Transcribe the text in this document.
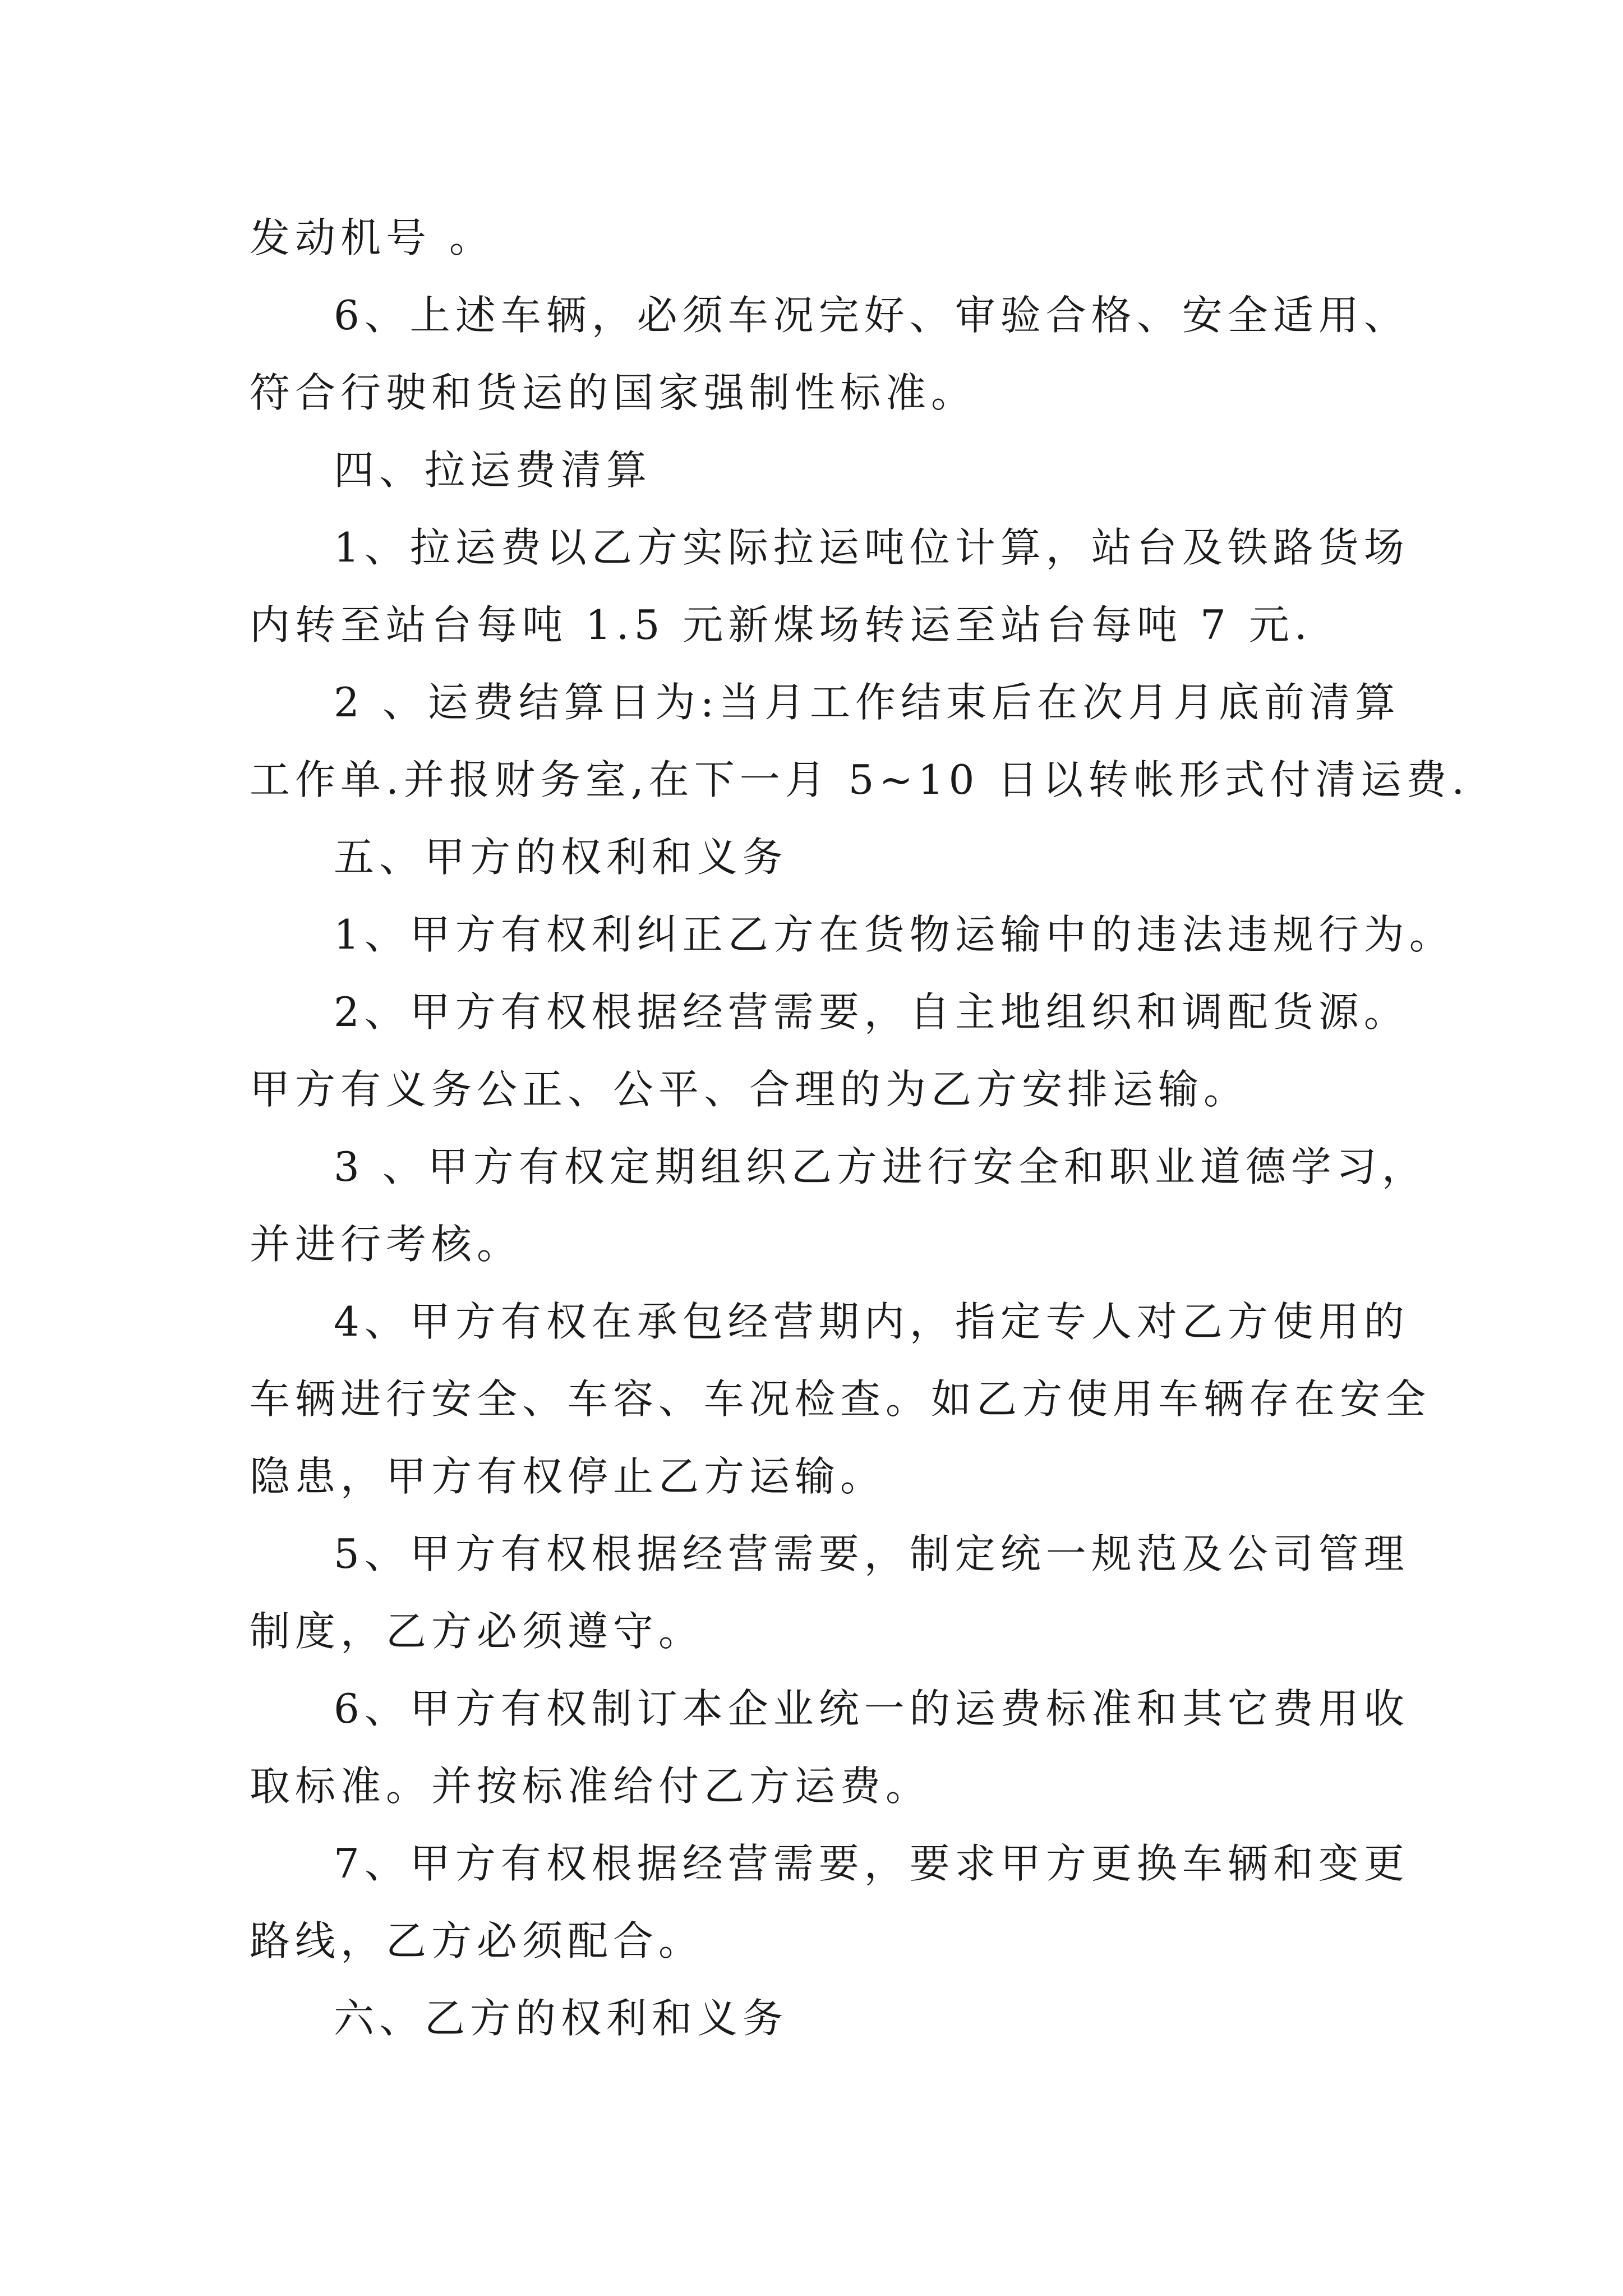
发动机号 。
6、上述车辆，必须车况完好、审验合格、安全适用、
符合行驶和货运的国家强制性标准。
四、拉运费清算
1、拉运费以乙方实际拉运吨位计算，站台及铁路货场
内转至站台每吨 1.5 元新煤场转运至站台每吨 7 元.
2 、运费结算日为:当月工作结束后在次月月底前清算
工作单.并报财务室,在下一月 5~10 日以转帐形式付清运费.
五、甲方的权利和义务
1、甲方有权利纠正乙方在货物运输中的违法违规行为。
2、甲方有权根据经营需要，自主地组织和调配货源。
甲方有义务公正、公平、合理的为乙方安排运输。
3 、甲方有权定期组织乙方进行安全和职业道德学习，
并进行考核。
4、甲方有权在承包经营期内，指定专人对乙方使用的
车辆进行安全、车容、车况检查。如乙方使用车辆存在安全
隐患，甲方有权停止乙方运输。
5、甲方有权根据经营需要，制定统一规范及公司管理
制度，乙方必须遵守。
6、甲方有权制订本企业统一的运费标准和其它费用收
取标准。并按标准给付乙方运费。
7、甲方有权根据经营需要，要求甲方更换车辆和变更
路线，乙方必须配合。
六、乙方的权利和义务
